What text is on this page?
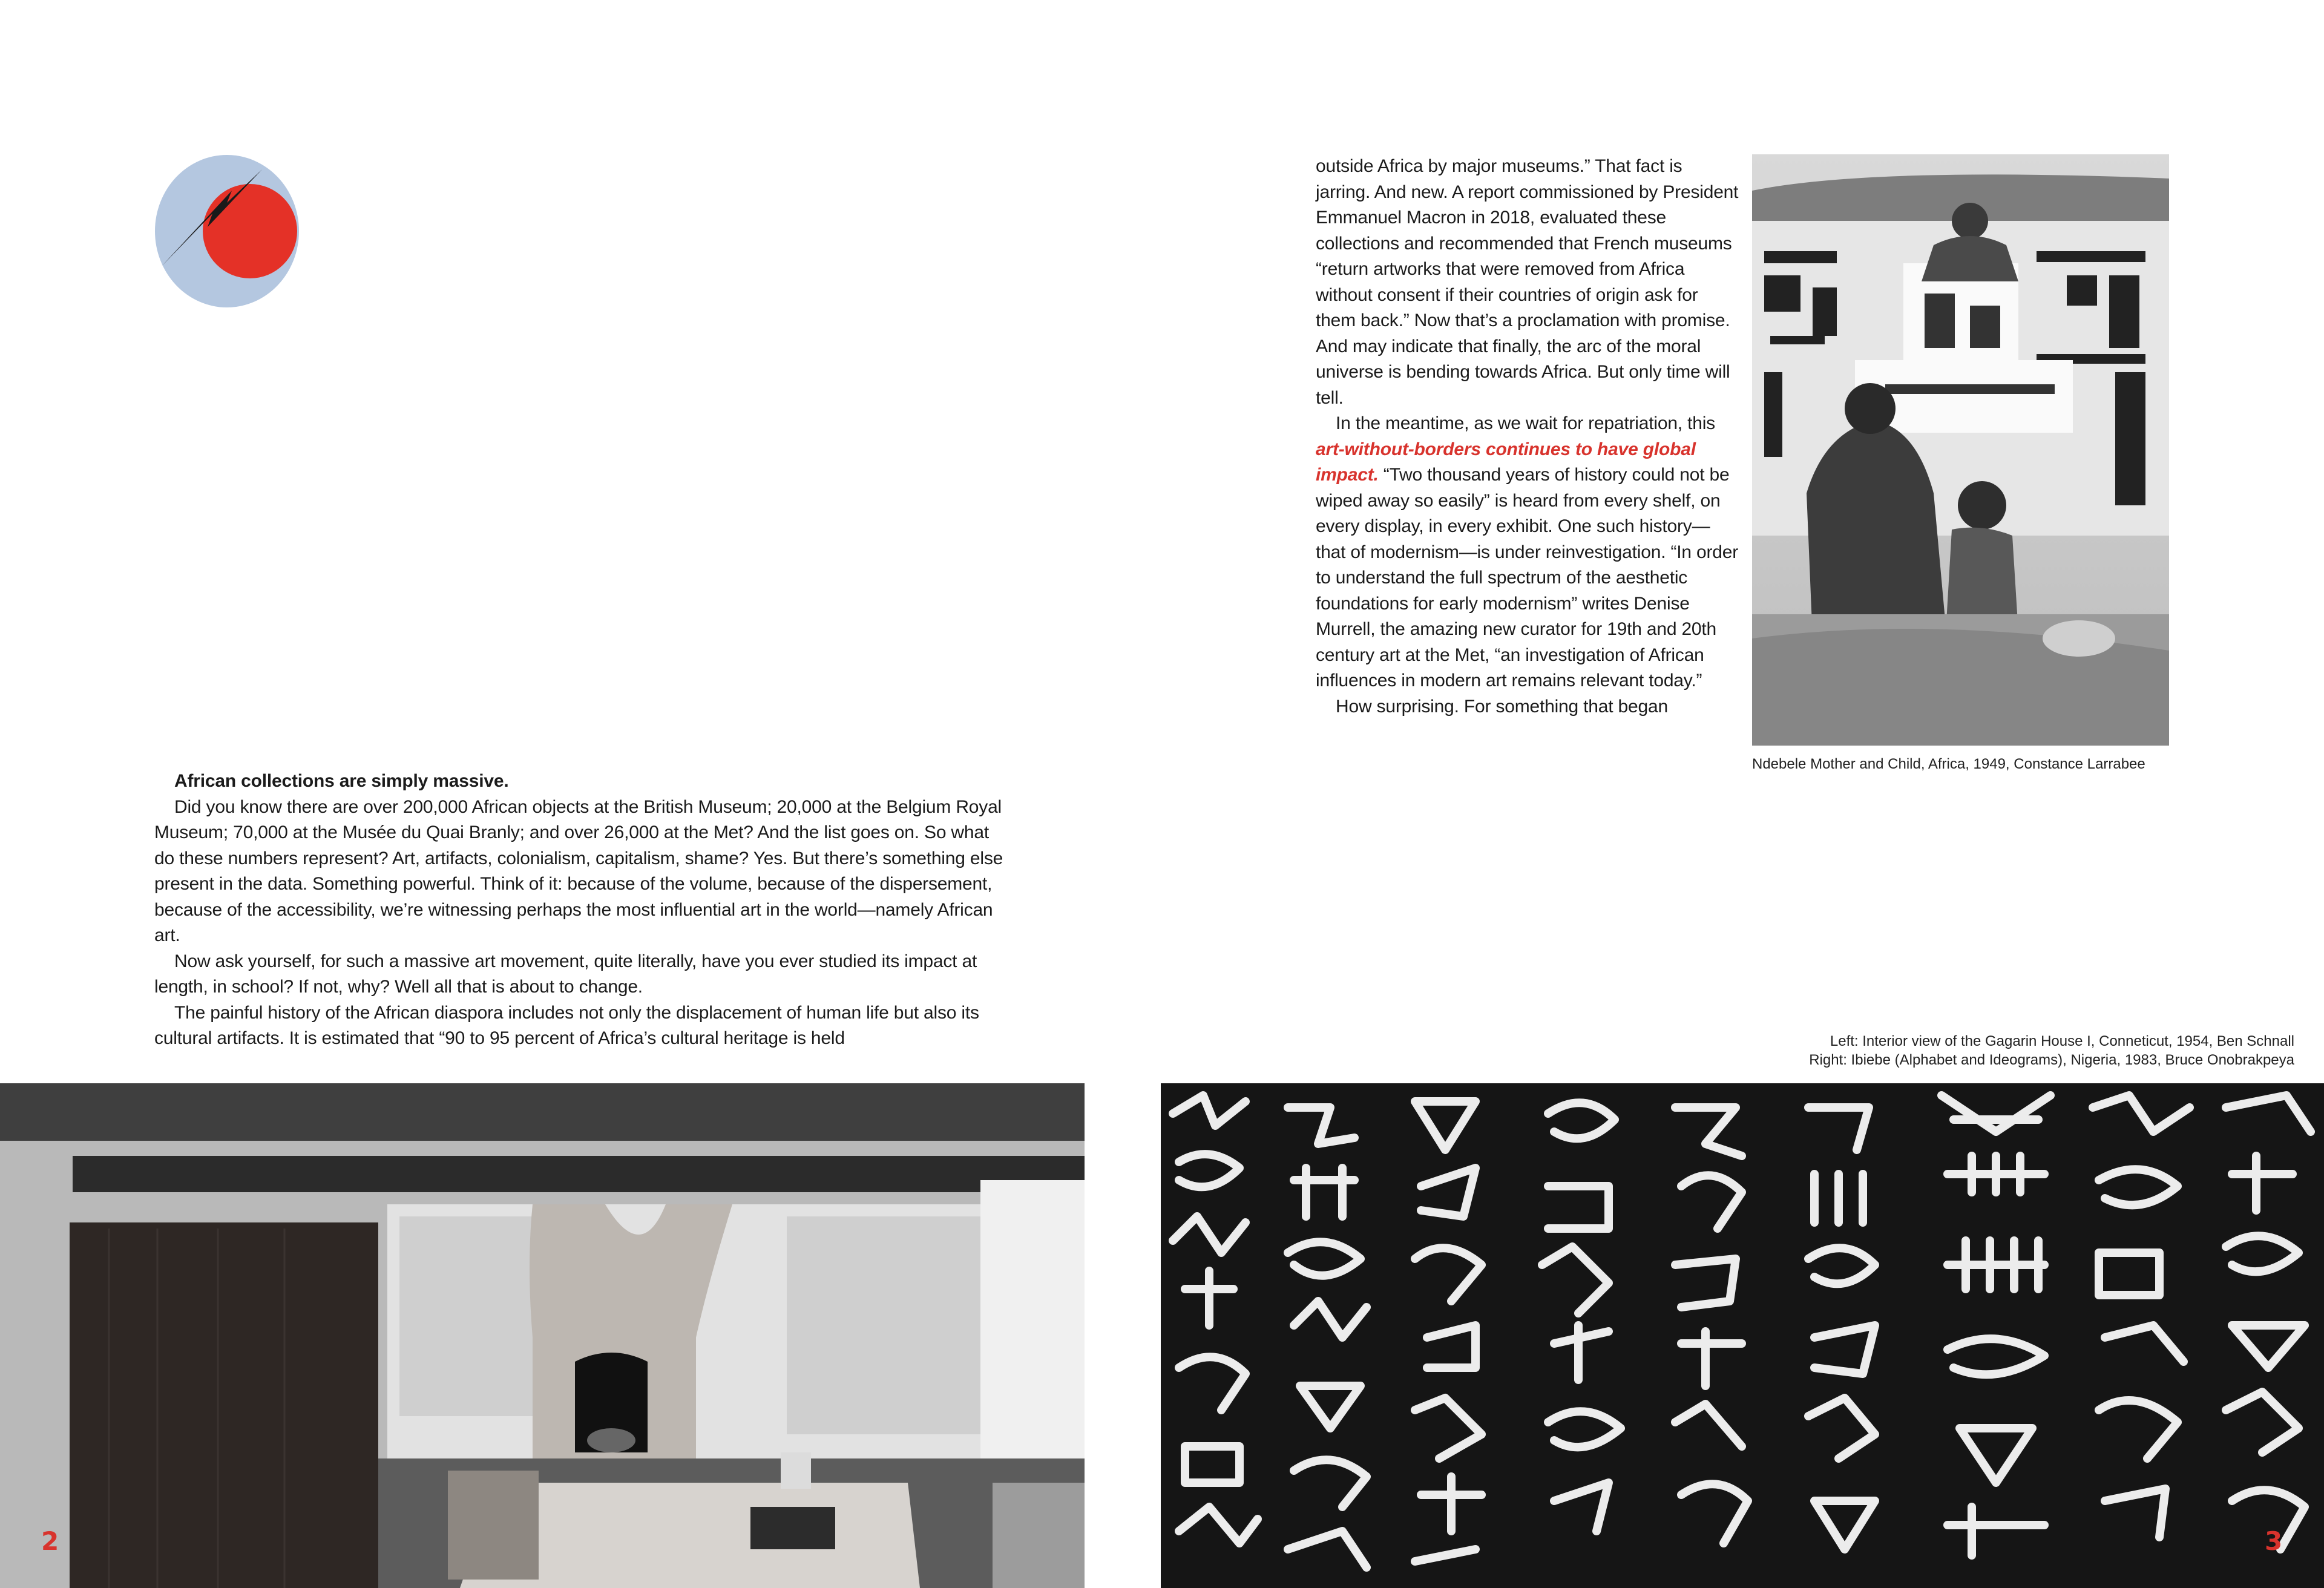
African collections are simply massive.

Did you know there are over 200,000 African objects at the British Museum; 20,000 at the Belgium Royal Museum; 70,000 at the Musée du Quai Branly; and over 26,000 at the Met? And the list goes on. So what do these numbers represent? Art, artifacts, colonialism, capitalism, shame? Yes. But there’s something else present in the data. Something powerful. Think of it: because of the volume, because of the dispersement, because of the accessibility, we’re witnessing perhaps the most influential art in the world—namely African art.

Now ask yourself, for such a massive art movement, quite literally, have you ever studied its impact at length, in school? If not, why? Well all that is about to change.

The painful history of the African diaspora includes not only the displacement of human life but also its cultural artifacts. It is estimated that “90 to 95 percent of Africa’s cultural heritage is held

outside Africa by major museums.” That fact is jarring. And new. A report commissioned by President Emmanuel Macron in 2018, evaluated these collections and recommended that French museums “return artworks that were removed from Africa without consent if their countries of origin ask for them back.” Now that’s a proclamation with promise. And may indicate that finally, the arc of the moral universe is bending towards Africa. But only time will tell.

In the meantime, as we wait for repatriation, this art-without-borders continues to have global impact. “Two thousand years of history could not be wiped away so easily” is heard from every shelf, on every display, in every exhibit. One such history—that of modernism—is under reinvestigation. “In order to understand the full spectrum of the aesthetic foundations for early modernism” writes Denise Murrell, the amazing new curator for 19th and 20th century art at the Met, “an investigation of African influences in modern art remains relevant today.”

How surprising. For something that began

Ndebele Mother and Child, Africa, 1949, Constance Larrabee
Left: Interior view of the Gagarin House I, Conneticut, 1954, Ben Schnall
Right: Ibiebe (Alphabet and Ideograms), Nigeria, 1983, Bruce Onobrakpeya
2	3
